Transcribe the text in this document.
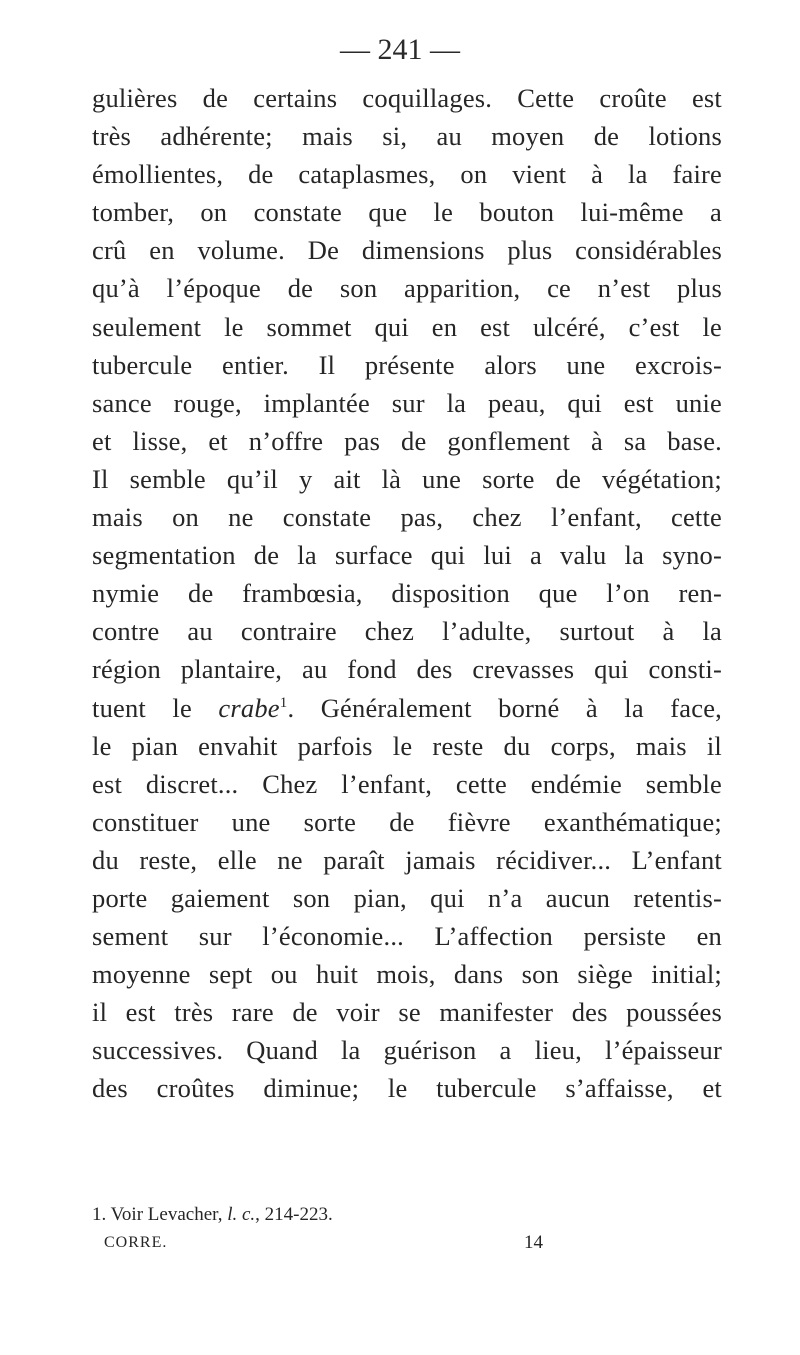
— 241 —
gulières de certains coquillages. Cette croûte est
très adhérente; mais si, au moyen de lotions
émollientes, de cataplasmes, on vient à la faire
tomber, on constate que le bouton lui-même a
crû en volume. De dimensions plus considérables
qu’à l’époque de son apparition, ce n’est plus
seulement le sommet qui en est ulcéré, c’est le
tubercule entier. Il présente alors une excrois-
sance rouge, implantée sur la peau, qui est unie
et lisse, et n’offre pas de gonflement à sa base.
Il semble qu’il y ait là une sorte de végétation;
mais on ne constate pas, chez l’enfant, cette
segmentation de la surface qui lui a valu la syno-
nymie de frambœsia, disposition que l’on ren-
contre au contraire chez l’adulte, surtout à la
région plantaire, au fond des crevasses qui consti-
tuent le crabe$^1$. Généralement borné à la face,
le pian envahit parfois le reste du corps, mais il
est discret... Chez l’enfant, cette endémie semble
constituer une sorte de fièvre exanthématique;
du reste, elle ne paraît jamais récidiver... L’enfant
porte gaiement son pian, qui n’a aucun retentis-
sement sur l’économie... L’affection persiste en
moyenne sept ou huit mois, dans son siège initial;
il est très rare de voir se manifester des poussées
successives. Quand la guérison a lieu, l’épaisseur
des croûtes diminue; le tubercule s’affaisse, et
1. Voir Levacher, l. c., 214-223.
CORRE.	14
